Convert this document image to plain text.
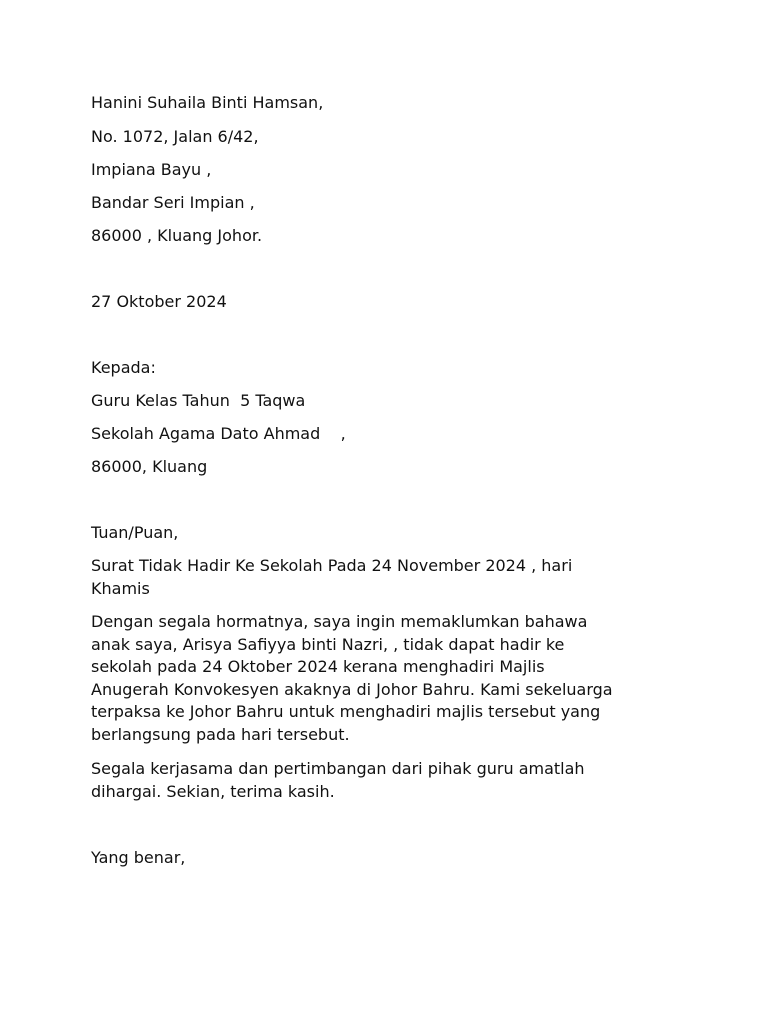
Hanini Suhaila Binti Hamsan,

No. 1072, Jalan 6/42,

Impiana Bayu ,

Bandar Seri Impian ,

86000 , Kluang Johor.

27 Oktober 2024

Kepada:

Guru Kelas Tahun  5 Taqwa

Sekolah Agama Dato Ahmad    ,

86000, Kluang

Tuan/Puan,

Surat Tidak Hadir Ke Sekolah Pada 24 November 2024 , hari
Khamis

Dengan segala hormatnya, saya ingin memaklumkan bahawa
anak saya, Arisya Safiyya binti Nazri, , tidak dapat hadir ke
sekolah pada 24 Oktober 2024 kerana menghadiri Majlis
Anugerah Konvokesyen akaknya di Johor Bahru. Kami sekeluarga
terpaksa ke Johor Bahru untuk menghadiri majlis tersebut yang
berlangsung pada hari tersebut.

Segala kerjasama dan pertimbangan dari pihak guru amatlah
dihargai. Sekian, terima kasih.

Yang benar,
